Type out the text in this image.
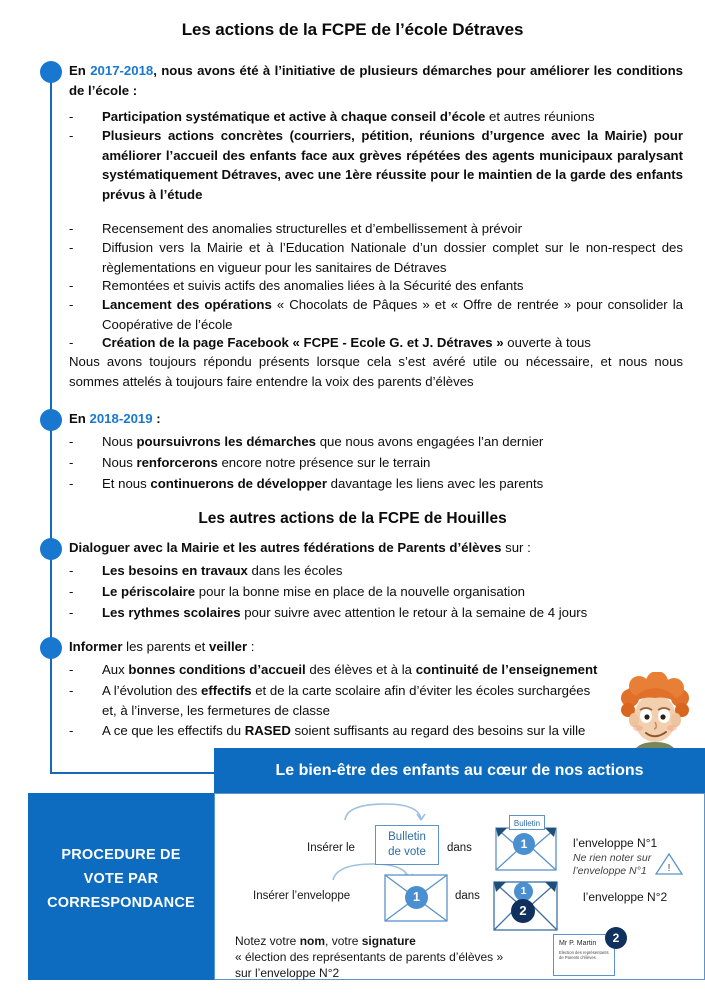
Les actions de la FCPE de l’école Détraves
En 2017-2018, nous avons été à l’initiative de plusieurs démarches pour améliorer les conditions de l’école :
-	Participation systématique et active à chaque conseil d’école et autres réunions
-	Plusieurs actions concrètes (courriers, pétition, réunions d’urgence avec la Mairie) pour améliorer l’accueil des enfants face aux grèves répétées des agents municipaux paralysant systématiquement Détraves, avec une 1ère réussite pour le maintien de la garde des enfants prévus à l’étude
-	Recensement des anomalies structurelles et d’embellissement à prévoir
-	Diffusion vers la Mairie et à l’Education Nationale d’un dossier complet sur le non-respect des règlementations en vigueur pour les sanitaires de Détraves
-	Remontées et suivis actifs des anomalies liées à la Sécurité des enfants
-	Lancement des opérations « Chocolats de Pâques » et « Offre de rentrée » pour consolider la Coopérative de l’école
-	Création de la page Facebook « FCPE - Ecole G. et J. Détraves » ouverte à tous
Nous avons toujours répondu présents lorsque cela s’est avéré utile ou nécessaire, et nous nous sommes attelés à toujours faire entendre la voix des parents d’élèves
En 2018-2019 :
-	Nous poursuivrons les démarches que nous avons engagées l’an dernier
-	Nous renforcerons encore notre présence sur le terrain
-	Et nous continuerons de développer davantage les liens avec les parents
Les autres actions de la FCPE de Houilles
Dialoguer avec la Mairie et les autres fédérations de Parents d’élèves sur :
-	Les besoins en travaux dans les écoles
-	Le périscolaire pour la bonne mise en place de la nouvelle organisation
-	Les rythmes scolaires pour suivre avec attention le retour à la semaine de 4 jours
Informer les parents et veiller :
-	Aux bonnes conditions d’accueil des élèves et à la continuité de l’enseignement
-	A l’évolution des effectifs et de la carte scolaire afin d’éviter les écoles surchargées et, à l’inverse, les fermetures de classe
-	A ce que les effectifs du RASED soient suffisants au regard des besoins sur la ville
Le bien-être des enfants au cœur de nos actions
PROCEDURE DE
VOTE PAR
CORRESPONDANCE
Insérer le
Bulletin
de vote	dans
Bulletin
1	l’enveloppe N°1
Ne rien noter sur
l’enveloppe N°1 !
Insérer l’enveloppe	1	dans	1
2
l’enveloppe N°2
Notez votre nom, votre signature
« élection des représentants de parents d’élèves »
sur l’enveloppe N°2
Mr P. Martin
Election des représentants de Parents d’élèves
2
